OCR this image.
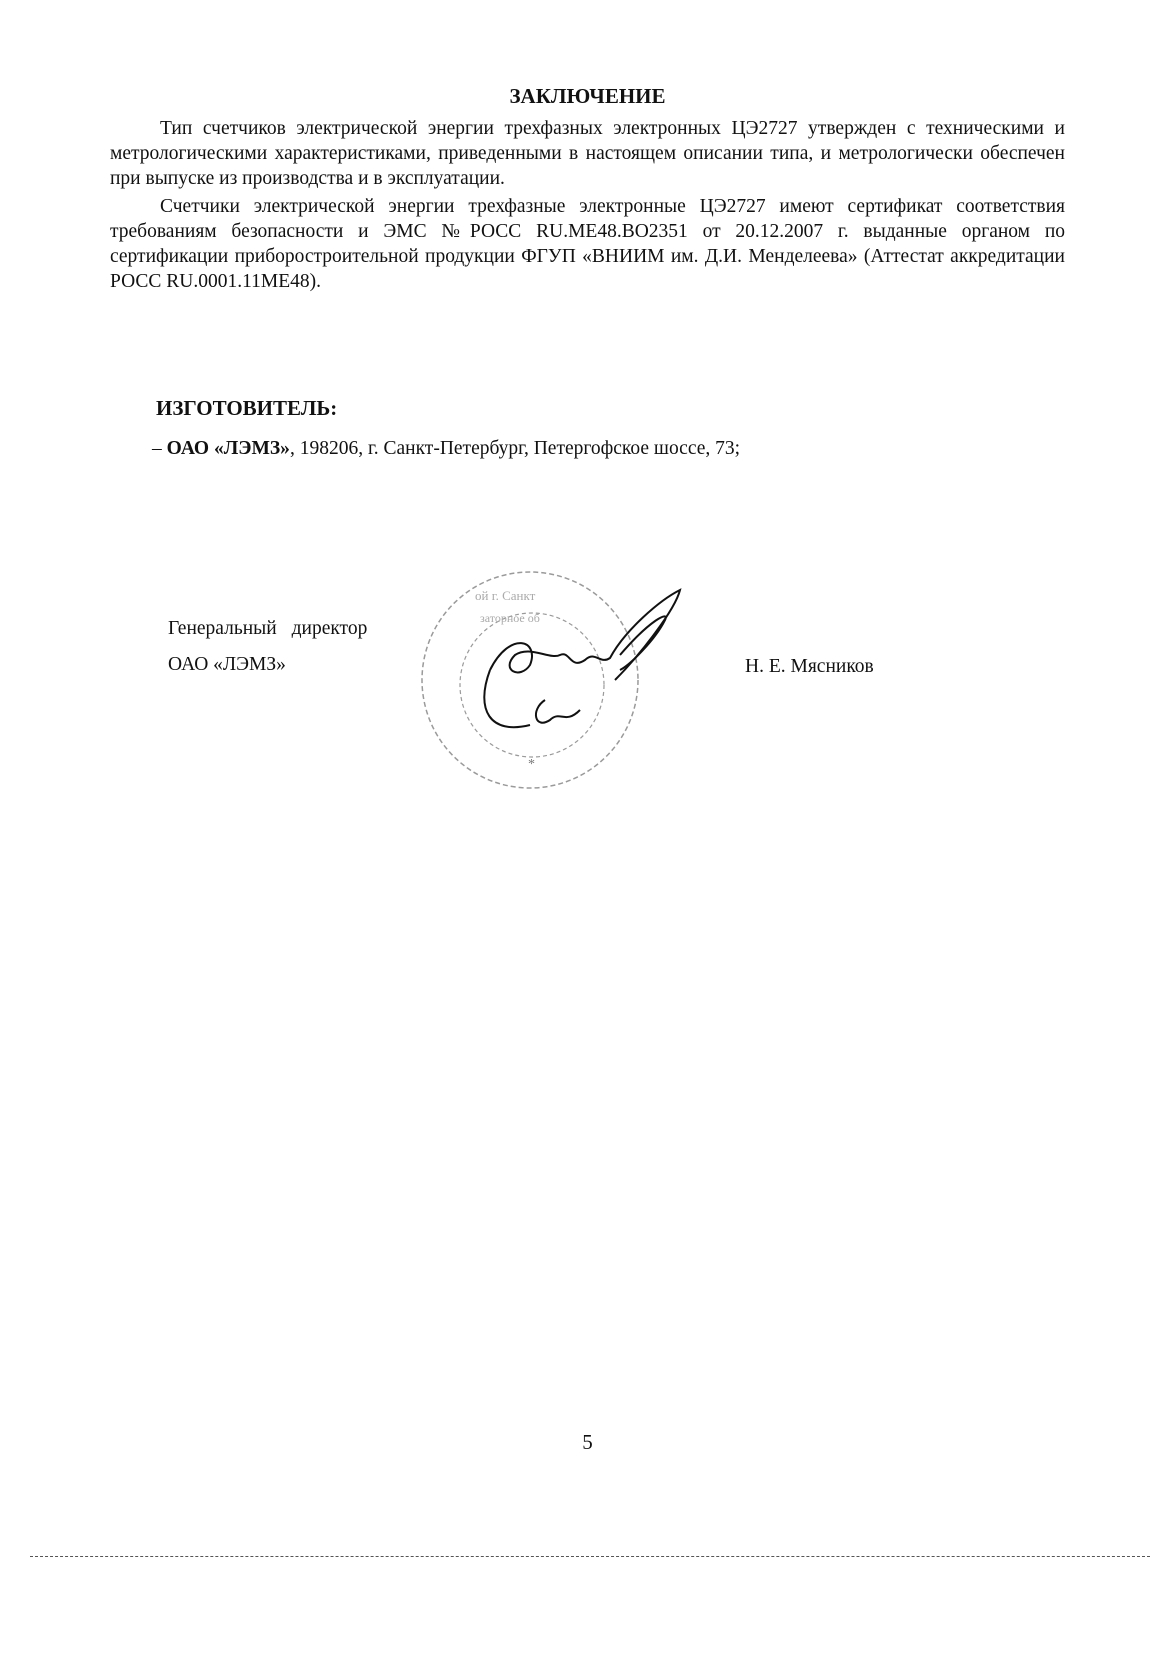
ЗАКЛЮЧЕНИЕ
Тип счетчиков электрической энергии трехфазных электронных ЦЭ2727 утвержден с техническими и метрологическими характеристиками, приведенными в настоящем описании типа, и метрологически обеспечен при выпуске из производства и в эксплуатации.
Счетчики электрической энергии трехфазные электронные ЦЭ2727 имеют сертификат соответствия требованиям безопасности и ЭМС №РОСС RU.ME48.BO2351 от 20.12.2007 г. выданные органом по сертификации приборостроительной продукции ФГУП «ВНИИМ им. Д.И. Менделеева» (Аттестат аккредитации РОСС RU.0001.11ME48).
ИЗГОТОВИТЕЛЬ:
– ОАО «ЛЭМЗ», 198206, г. Санкт-Петербург, Петергофское шоссе, 73;
Генеральный директор
ОАО «ЛЭМЗ»	Н. Е. Мясников
ой г. Санкт
заторное об
*
5
